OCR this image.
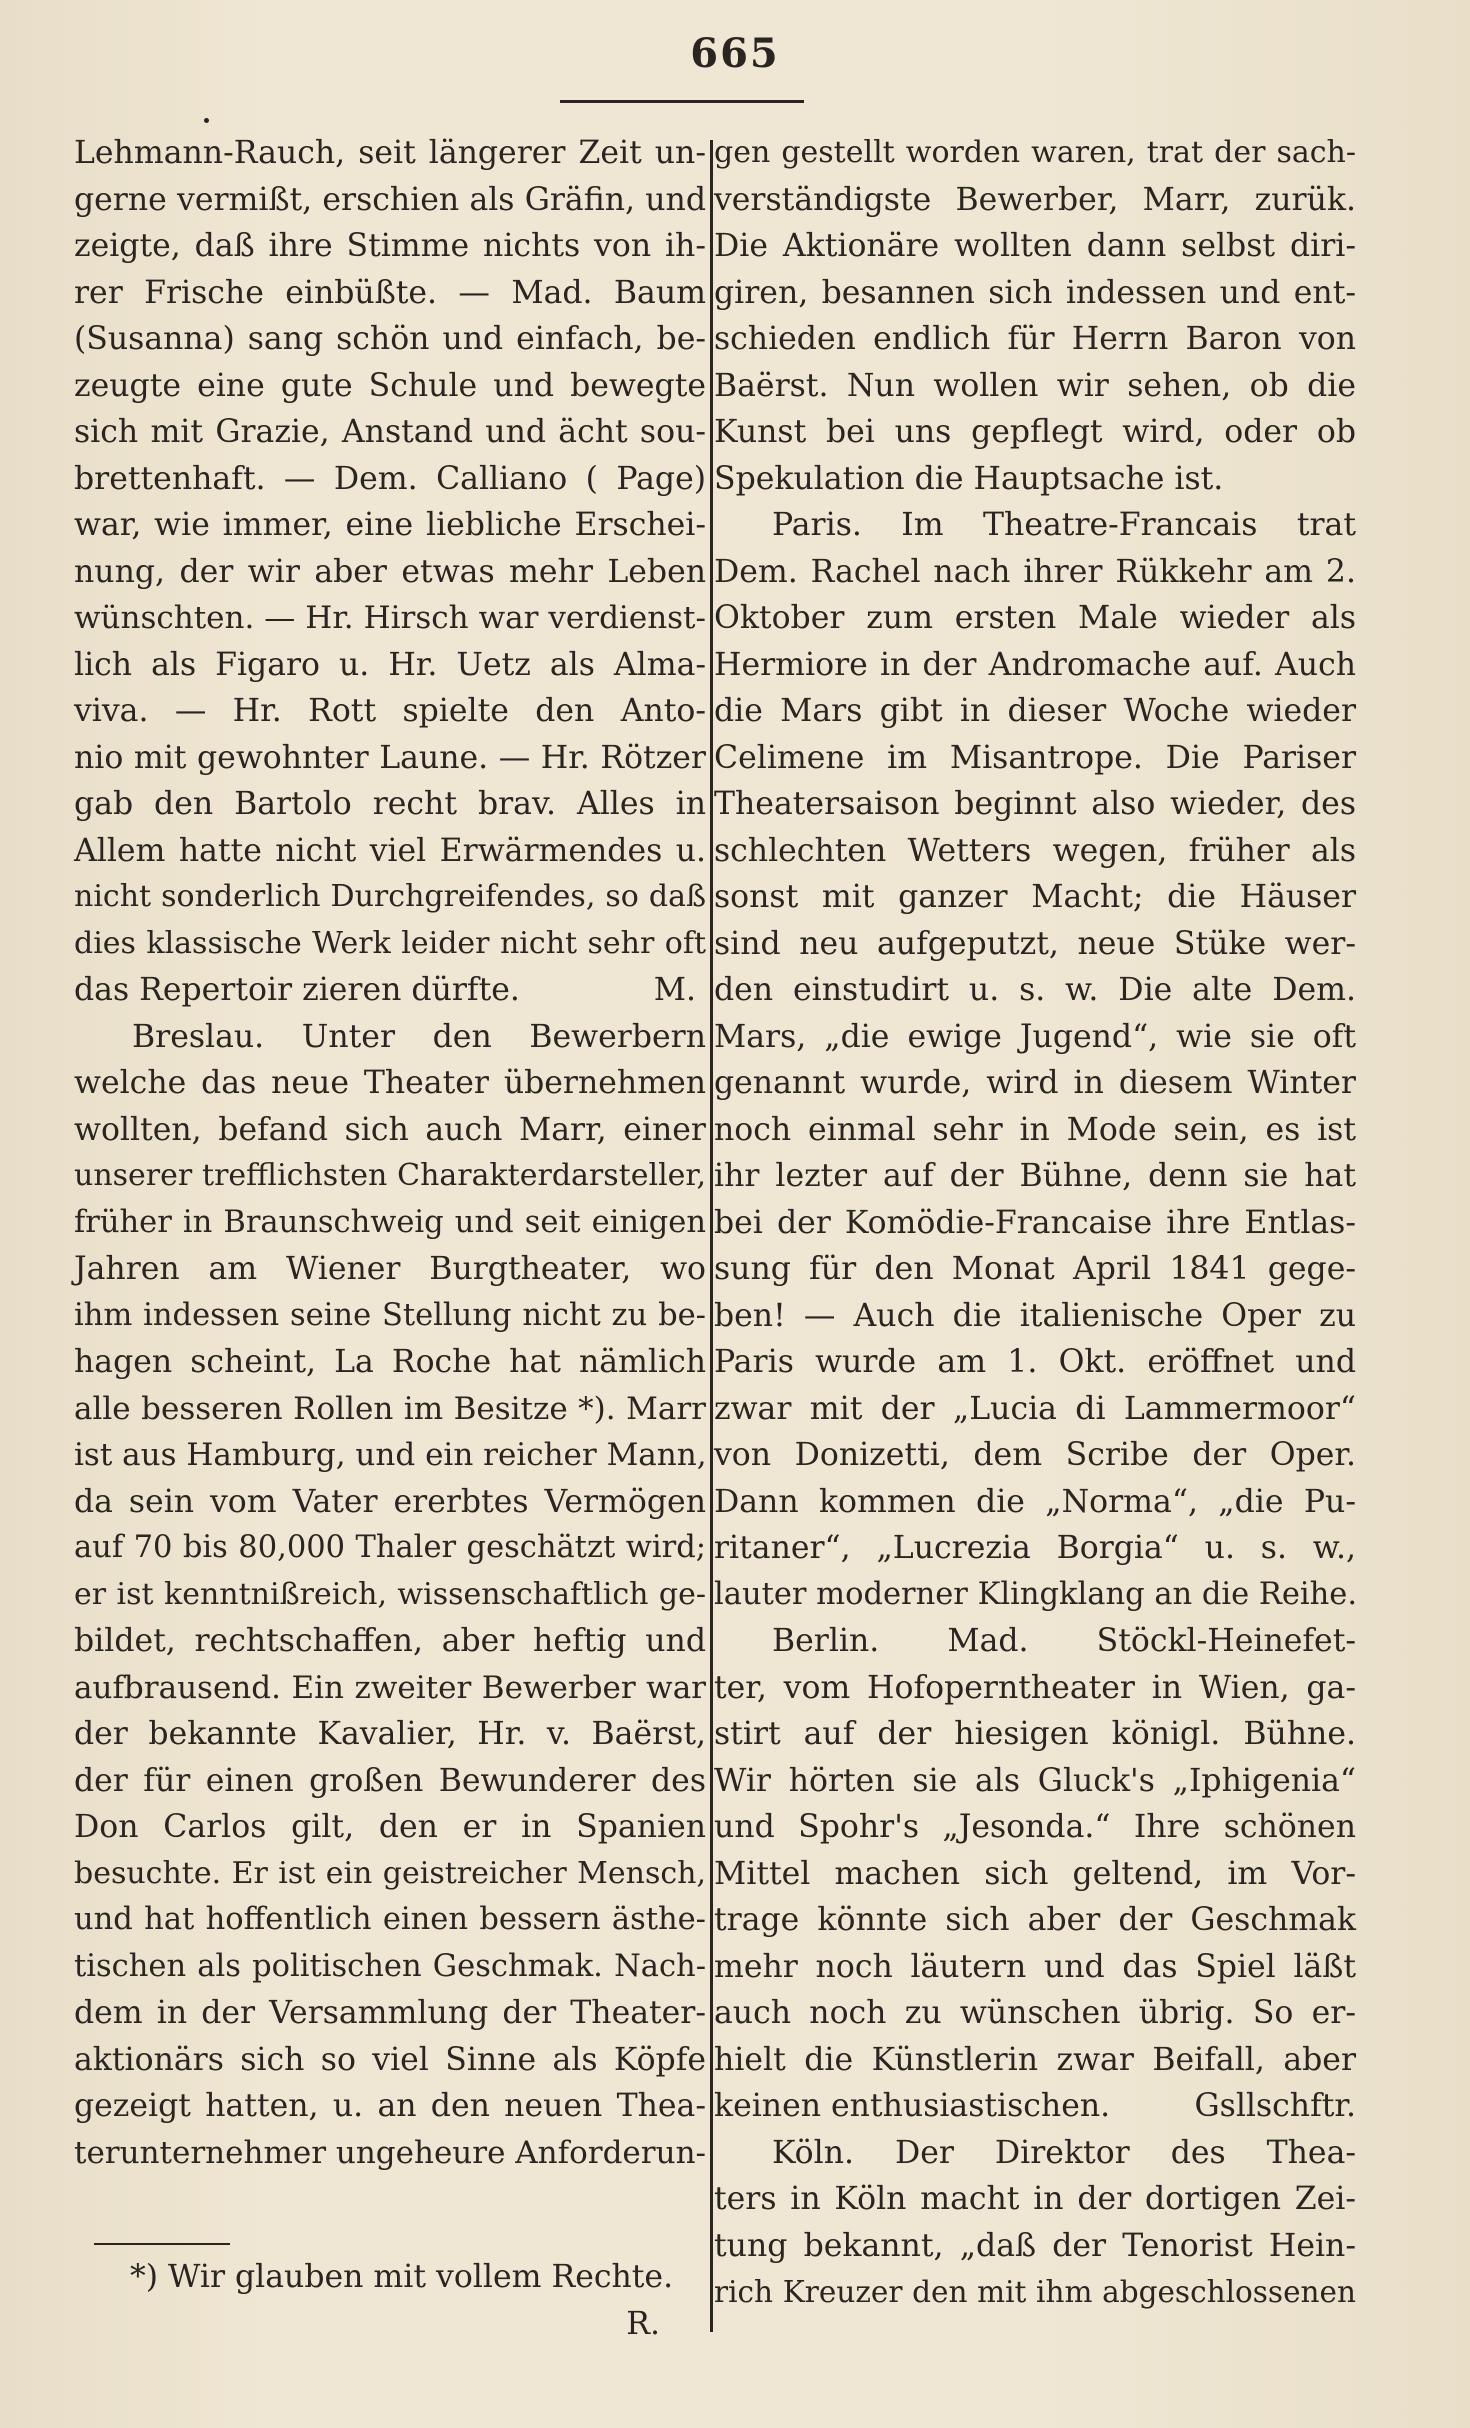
665
Lehmann-Rauch, seit längerer Zeit un-
gerne vermißt, erschien als Gräfin, und
zeigte, daß ihre Stimme nichts von ih-
rer Frische einbüßte. — Mad. Baum
(Susanna) sang schön und einfach, be-
zeugte eine gute Schule und bewegte
sich mit Grazie, Anstand und ächt sou-
brettenhaft. — Dem. Calliano ( Page)
war, wie immer, eine liebliche Erschei-
nung, der wir aber etwas mehr Leben
wünschten. — Hr. Hirsch war verdienst-
lich als Figaro u. Hr. Uetz als Alma-
viva. — Hr. Rott spielte den Anto-
nio mit gewohnter Laune. — Hr. Rötzer
gab den Bartolo recht brav. Alles in
Allem hatte nicht viel Erwärmendes u.
nicht sonderlich Durchgreifendes, so daß
dies klassische Werk leider nicht sehr oft
das Repertoir zieren dürfte.	M.
Breslau. Unter den Bewerbern
welche das neue Theater übernehmen
wollten, befand sich auch Marr, einer
unserer trefflichsten Charakterdarsteller,
früher in Braunschweig und seit einigen
Jahren am Wiener Burgtheater, wo
ihm indessen seine Stellung nicht zu be-
hagen scheint, La Roche hat nämlich
alle besseren Rollen im Besitze *). Marr
ist aus Hamburg, und ein reicher Mann,
da sein vom Vater ererbtes Vermögen
auf 70 bis 80,000 Thaler geschätzt wird;
er ist kenntnißreich, wissenschaftlich ge-
bildet, rechtschaffen, aber heftig und
aufbrausend. Ein zweiter Bewerber war
der bekannte Kavalier, Hr. v. Baërst,
der für einen großen Bewunderer des
Don Carlos gilt, den er in Spanien
besuchte. Er ist ein geistreicher Mensch,
und hat hoffentlich einen bessern ästhe-
tischen als politischen Geschmak. Nach-
dem in der Versammlung der Theater-
aktionärs sich so viel Sinne als Köpfe
gezeigt hatten, u. an den neuen Thea-
terunternehmer ungeheure Anforderun-
gen gestellt worden waren, trat der sach-
verständigste Bewerber, Marr, zurük.
Die Aktionäre wollten dann selbst diri-
giren, besannen sich indessen und ent-
schieden endlich für Herrn Baron von
Baërst. Nun wollen wir sehen, ob die
Kunst bei uns gepflegt wird, oder ob
Spekulation die Hauptsache ist.
Paris. Im Theatre-Francais trat
Dem. Rachel nach ihrer Rükkehr am 2.
Oktober zum ersten Male wieder als
Hermiore in der Andromache auf. Auch
die Mars gibt in dieser Woche wieder
Celimene im Misantrope. Die Pariser
Theatersaison beginnt also wieder, des
schlechten Wetters wegen, früher als
sonst mit ganzer Macht; die Häuser
sind neu aufgeputzt, neue Stüke wer-
den einstudirt u. s. w. Die alte Dem.
Mars, „die ewige Jugend“, wie sie oft
genannt wurde, wird in diesem Winter
noch einmal sehr in Mode sein, es ist
ihr lezter auf der Bühne, denn sie hat
bei der Komödie-Francaise ihre Entlas-
sung für den Monat April 1841 gege-
ben! — Auch die italienische Oper zu
Paris wurde am 1. Okt. eröffnet und
zwar mit der „Lucia di Lammermoor“
von Donizetti, dem Scribe der Oper.
Dann kommen die „Norma“, „die Pu-
ritaner“, „Lucrezia Borgia“ u. s. w.,
lauter moderner Klingklang an die Reihe.
Berlin. Mad. Stöckl-Heinefet-
ter, vom Hofoperntheater in Wien, ga-
stirt auf der hiesigen königl. Bühne.
Wir hörten sie als Gluck's „Iphigenia“
und Spohr's „Jesonda.“ Ihre schönen
Mittel machen sich geltend, im Vor-
trage könnte sich aber der Geschmak
mehr noch läutern und das Spiel läßt
auch noch zu wünschen übrig. So er-
hielt die Künstlerin zwar Beifall, aber
keinen enthusiastischen.	Gsllschftr.
Köln. Der Direktor des Thea-
ters in Köln macht in der dortigen Zei-
tung bekannt, „daß der Tenorist Hein-
rich Kreuzer den mit ihm abgeschlossenen
*) Wir glauben mit vollem Rechte.
R.
